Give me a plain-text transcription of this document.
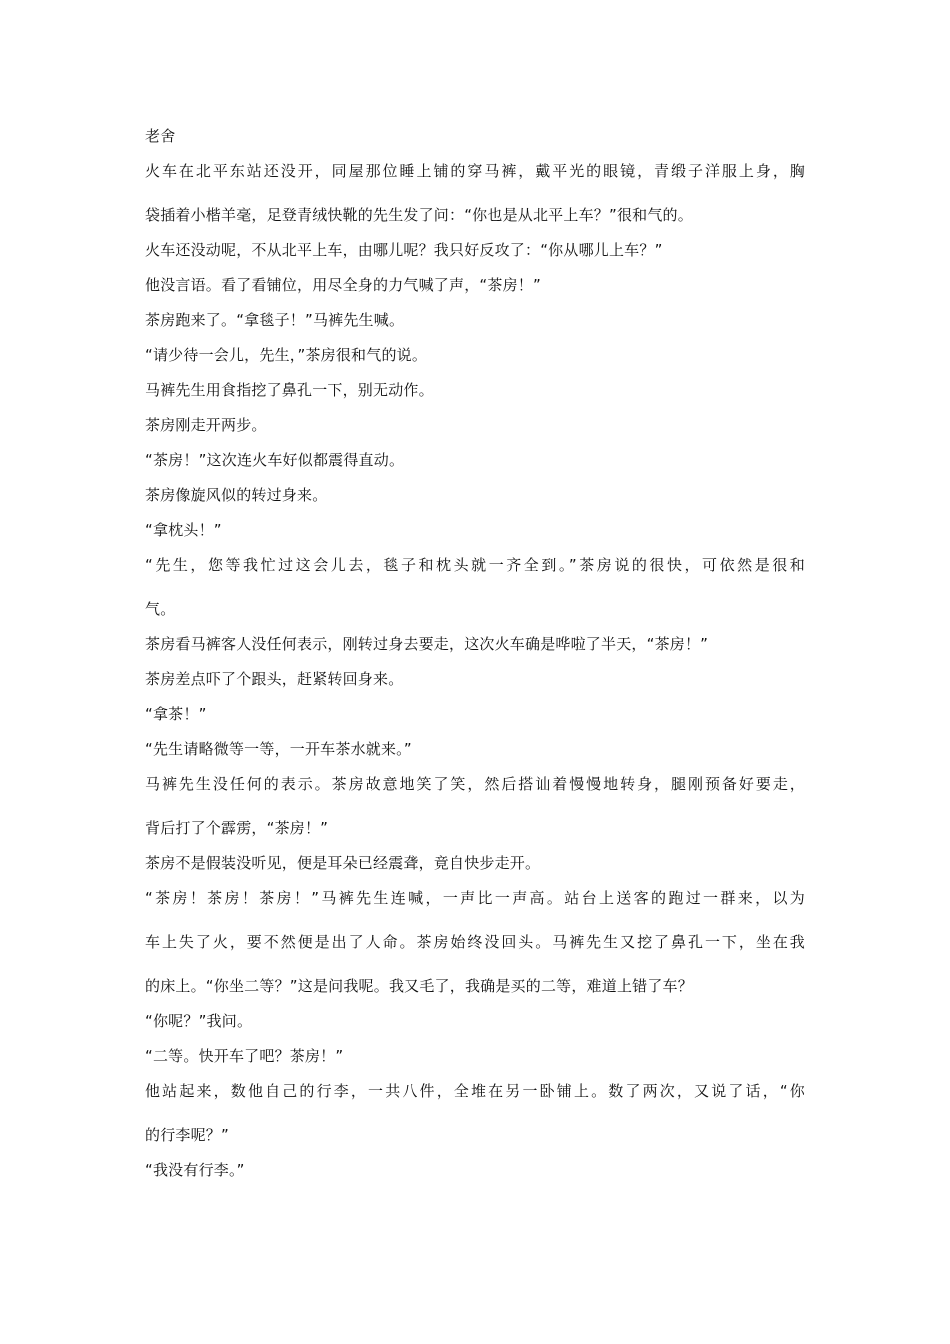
老舍
火车在北平东站还没开，同屋那位睡上铺的穿马裤，戴平光的眼镜，青缎子洋服上身，胸
袋插着小楷羊毫，足登青绒快靴的先生发了问：“你也是从北平上车？”很和气的。
火车还没动呢，不从北平上车，由哪儿呢？我只好反攻了：“你从哪儿上车？”
他没言语。看了看铺位，用尽全身的力气喊了声，“茶房！”
茶房跑来了。“拿毯子！”马裤先生喊。
“请少待一会儿，先生，”茶房很和气的说。
马裤先生用食指挖了鼻孔一下，别无动作。
茶房刚走开两步。
“茶房！”这次连火车好似都震得直动。
茶房像旋风似的转过身来。
“拿枕头！”
“先生，您等我忙过这会儿去，毯子和枕头就一齐全到。”茶房说的很快，可依然是很和
气。
茶房看马裤客人没任何表示，刚转过身去要走，这次火车确是哗啦了半天，“茶房！”
茶房差点吓了个跟头，赶紧转回身来。
“拿茶！”
“先生请略微等一等，一开车茶水就来。”
马裤先生没任何的表示。茶房故意地笑了笑，然后搭讪着慢慢地转身，腿刚预备好要走，
背后打了个霹雳，“茶房！”
茶房不是假装没听见，便是耳朵已经震聋，竟自快步走开。
“茶房！茶房！茶房！”马裤先生连喊，一声比一声高。站台上送客的跑过一群来，以为
车上失了火，要不然便是出了人命。茶房始终没回头。马裤先生又挖了鼻孔一下，坐在我
的床上。“你坐二等？”这是问我呢。我又毛了，我确是买的二等，难道上错了车？
“你呢？”我问。
“二等。快开车了吧？茶房！”
他站起来，数他自己的行李，一共八件，全堆在另一卧铺上。数了两次，又说了话，“你
的行李呢？”
“我没有行李。”
